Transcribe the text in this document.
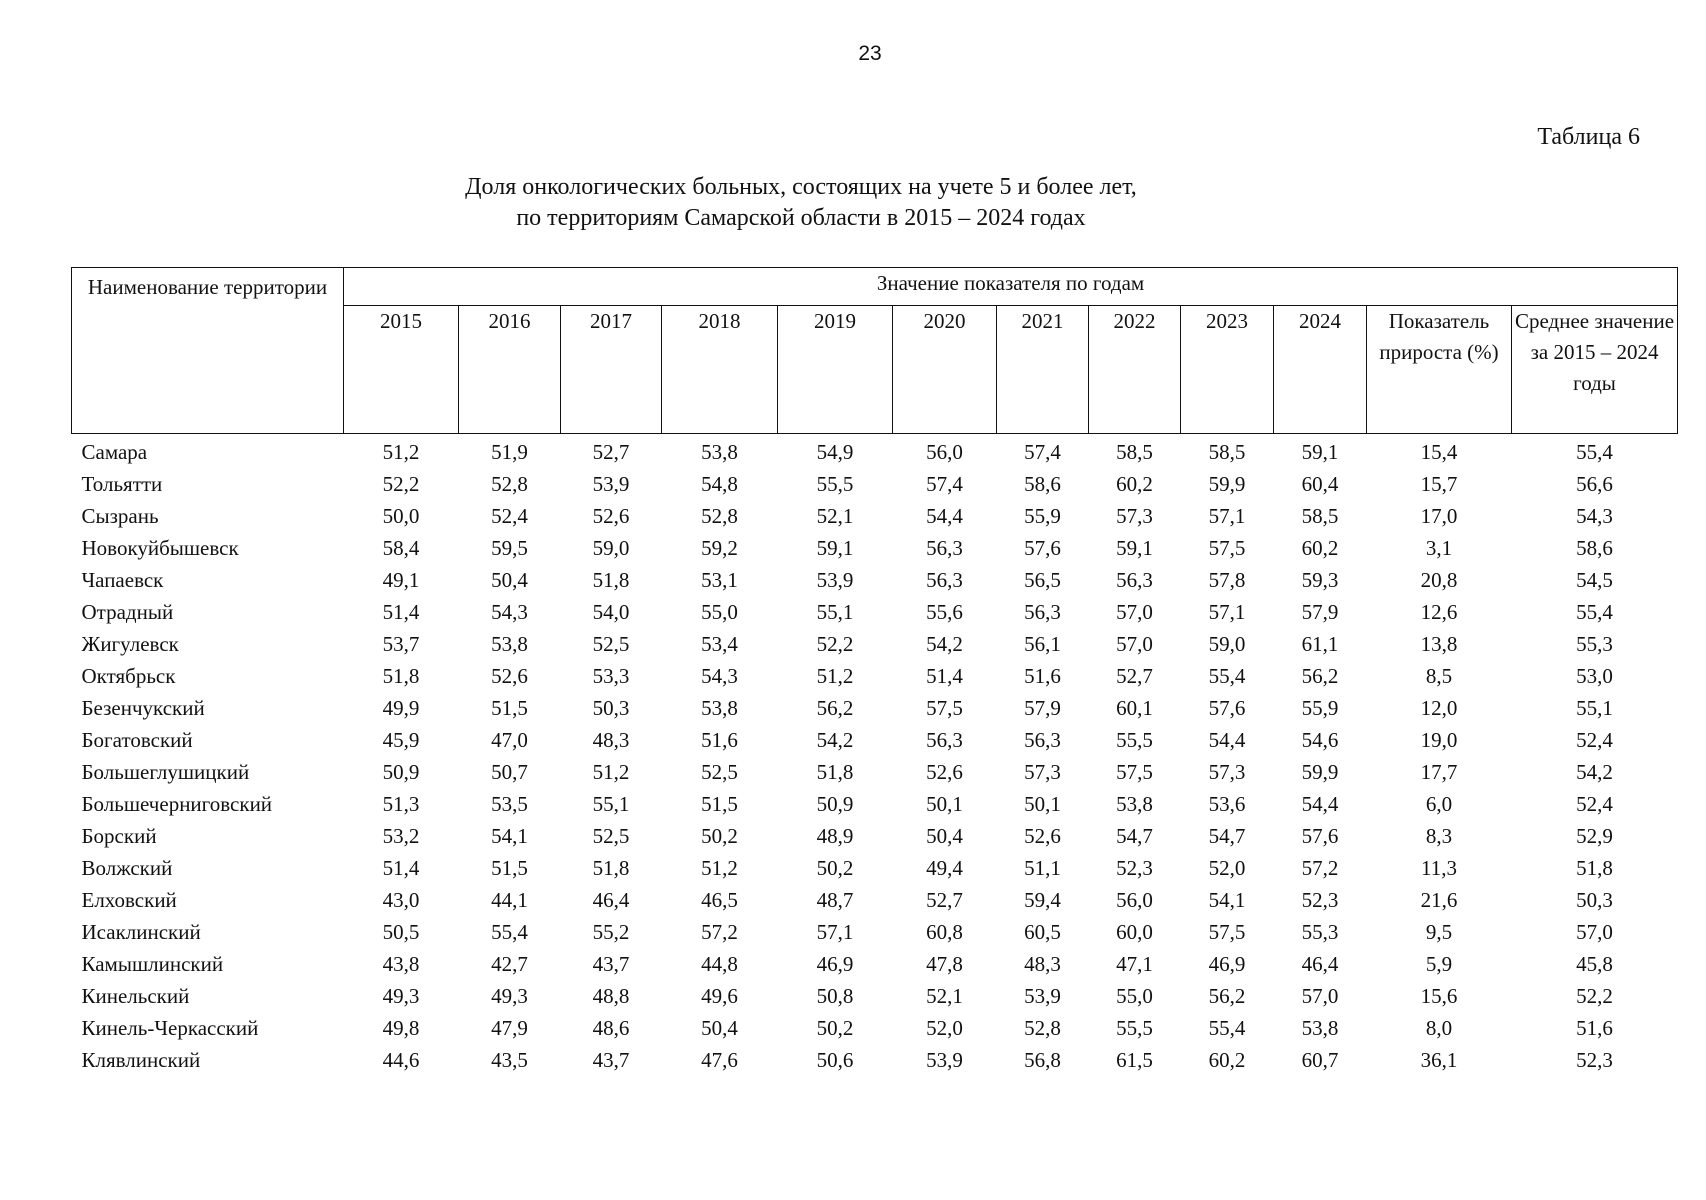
23
Таблица 6
Доля онкологических больных, состоящих на учете 5 и более лет,
по территориям Самарской области в 2015 – 2024 годах
Наименование территории	Значение показателя по годам											
	2015	2016	2017	2018	2019	2020	2021	2022	2023	2024	Показатель прироста (%)	Среднее значение за 2015 – 2024 годы
Самара	51,2	51,9	52,7	53,8	54,9	56,0	57,4	58,5	58,5	59,1	15,4	55,4
Тольятти	52,2	52,8	53,9	54,8	55,5	57,4	58,6	60,2	59,9	60,4	15,7	56,6
Сызрань	50,0	52,4	52,6	52,8	52,1	54,4	55,9	57,3	57,1	58,5	17,0	54,3
Новокуйбышевск	58,4	59,5	59,0	59,2	59,1	56,3	57,6	59,1	57,5	60,2	3,1	58,6
Чапаевск	49,1	50,4	51,8	53,1	53,9	56,3	56,5	56,3	57,8	59,3	20,8	54,5
Отрадный	51,4	54,3	54,0	55,0	55,1	55,6	56,3	57,0	57,1	57,9	12,6	55,4
Жигулевск	53,7	53,8	52,5	53,4	52,2	54,2	56,1	57,0	59,0	61,1	13,8	55,3
Октябрьск	51,8	52,6	53,3	54,3	51,2	51,4	51,6	52,7	55,4	56,2	8,5	53,0
Безенчукский	49,9	51,5	50,3	53,8	56,2	57,5	57,9	60,1	57,6	55,9	12,0	55,1
Богатовский	45,9	47,0	48,3	51,6	54,2	56,3	56,3	55,5	54,4	54,6	19,0	52,4
Большеглушицкий	50,9	50,7	51,2	52,5	51,8	52,6	57,3	57,5	57,3	59,9	17,7	54,2
Большечерниговский	51,3	53,5	55,1	51,5	50,9	50,1	50,1	53,8	53,6	54,4	6,0	52,4
Борский	53,2	54,1	52,5	50,2	48,9	50,4	52,6	54,7	54,7	57,6	8,3	52,9
Волжский	51,4	51,5	51,8	51,2	50,2	49,4	51,1	52,3	52,0	57,2	11,3	51,8
Елховский	43,0	44,1	46,4	46,5	48,7	52,7	59,4	56,0	54,1	52,3	21,6	50,3
Исаклинский	50,5	55,4	55,2	57,2	57,1	60,8	60,5	60,0	57,5	55,3	9,5	57,0
Камышлинский	43,8	42,7	43,7	44,8	46,9	47,8	48,3	47,1	46,9	46,4	5,9	45,8
Кинельский	49,3	49,3	48,8	49,6	50,8	52,1	53,9	55,0	56,2	57,0	15,6	52,2
Кинель-Черкасский	49,8	47,9	48,6	50,4	50,2	52,0	52,8	55,5	55,4	53,8	8,0	51,6
Клявлинский	44,6	43,5	43,7	47,6	50,6	53,9	56,8	61,5	60,2	60,7	36,1	52,3
